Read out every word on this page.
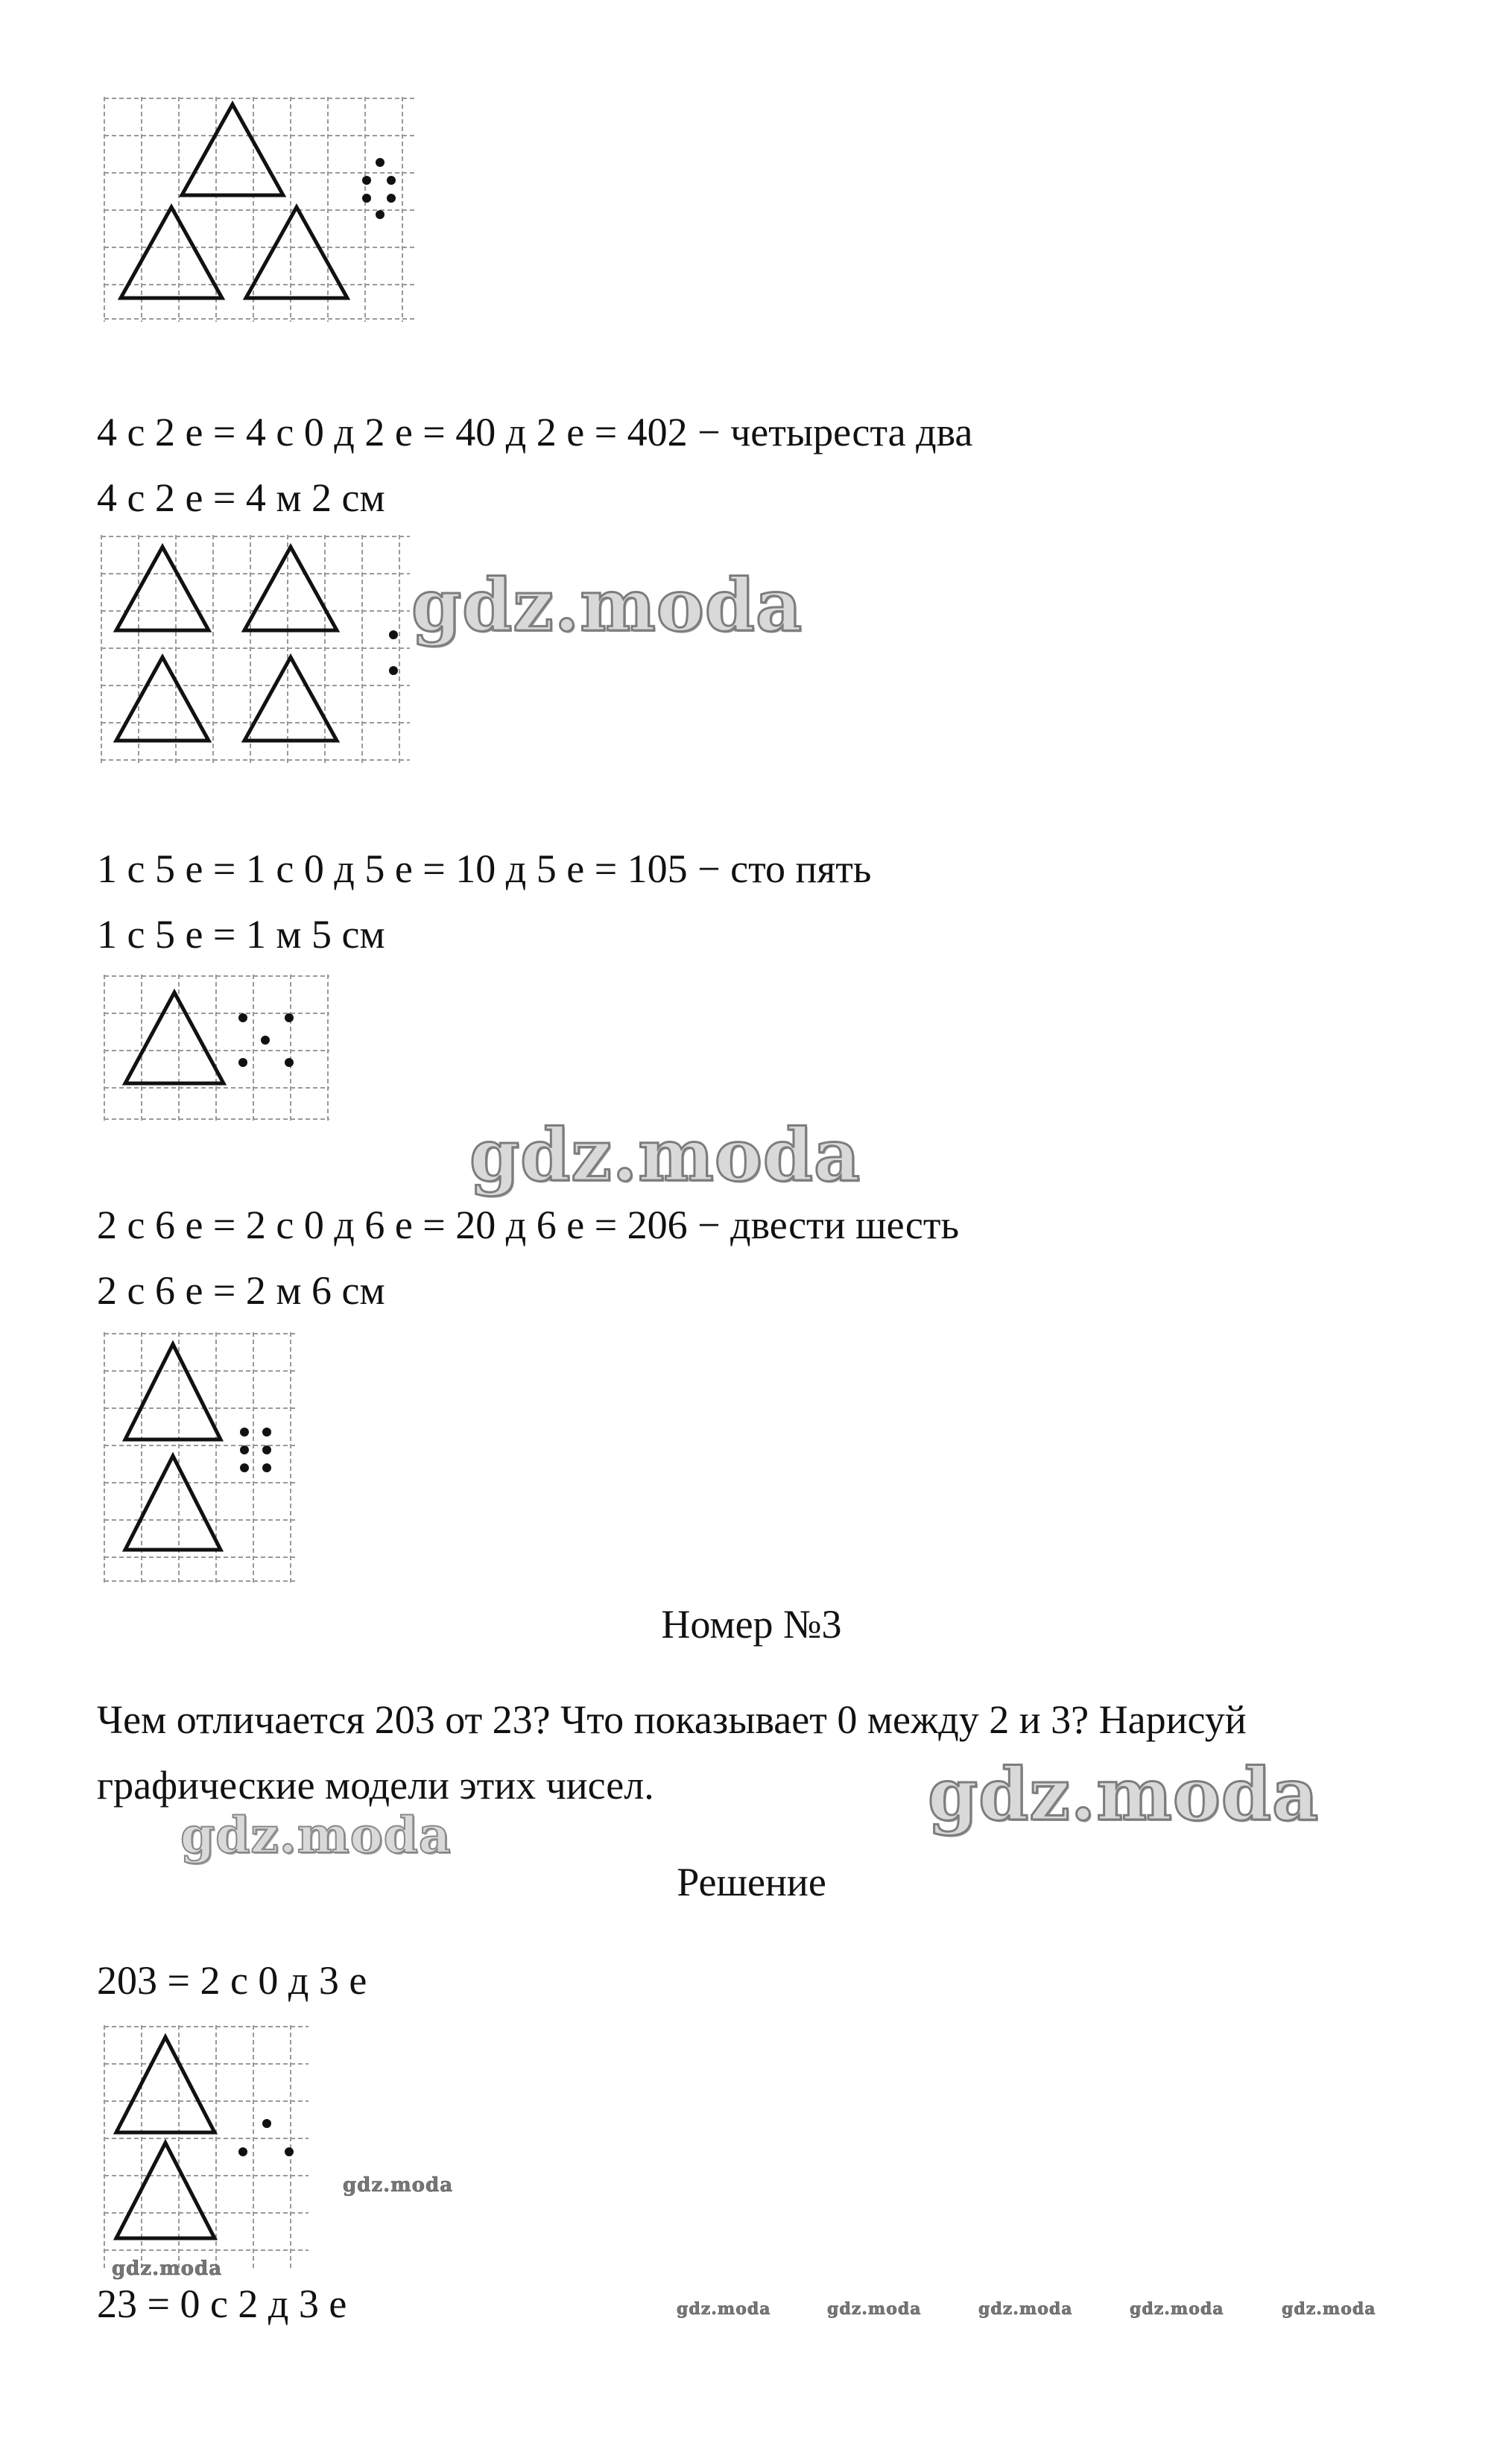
4 с 2 е = 4 с 0 д 2 е = 40 д 2 е = 402 − четыреста два
4 с 2 е = 4 м 2 см
1 с 5 е = 1 с 0 д 5 е = 10 д 5 е = 105 − сто пять
1 с 5 е = 1 м 5 см
2 с 6 е = 2 с 0 д 6 е = 20 д 6 е = 206 − двести шесть
2 с 6 е = 2 м 6 см
Номер №3
Чем отличается 203 от 23? Что показывает 0 между 2 и 3? Нарисуй
графические модели этих чисел.
Решение
203 = 2 с 0 д 3 е
23 = 0 с 2 д 3 е
gdz.moda
gdz.moda
gdz.moda
gdz.moda
gdz.moda
gdz.moda
gdz.moda	gdz.moda	gdz.moda	gdz.moda	gdz.moda
